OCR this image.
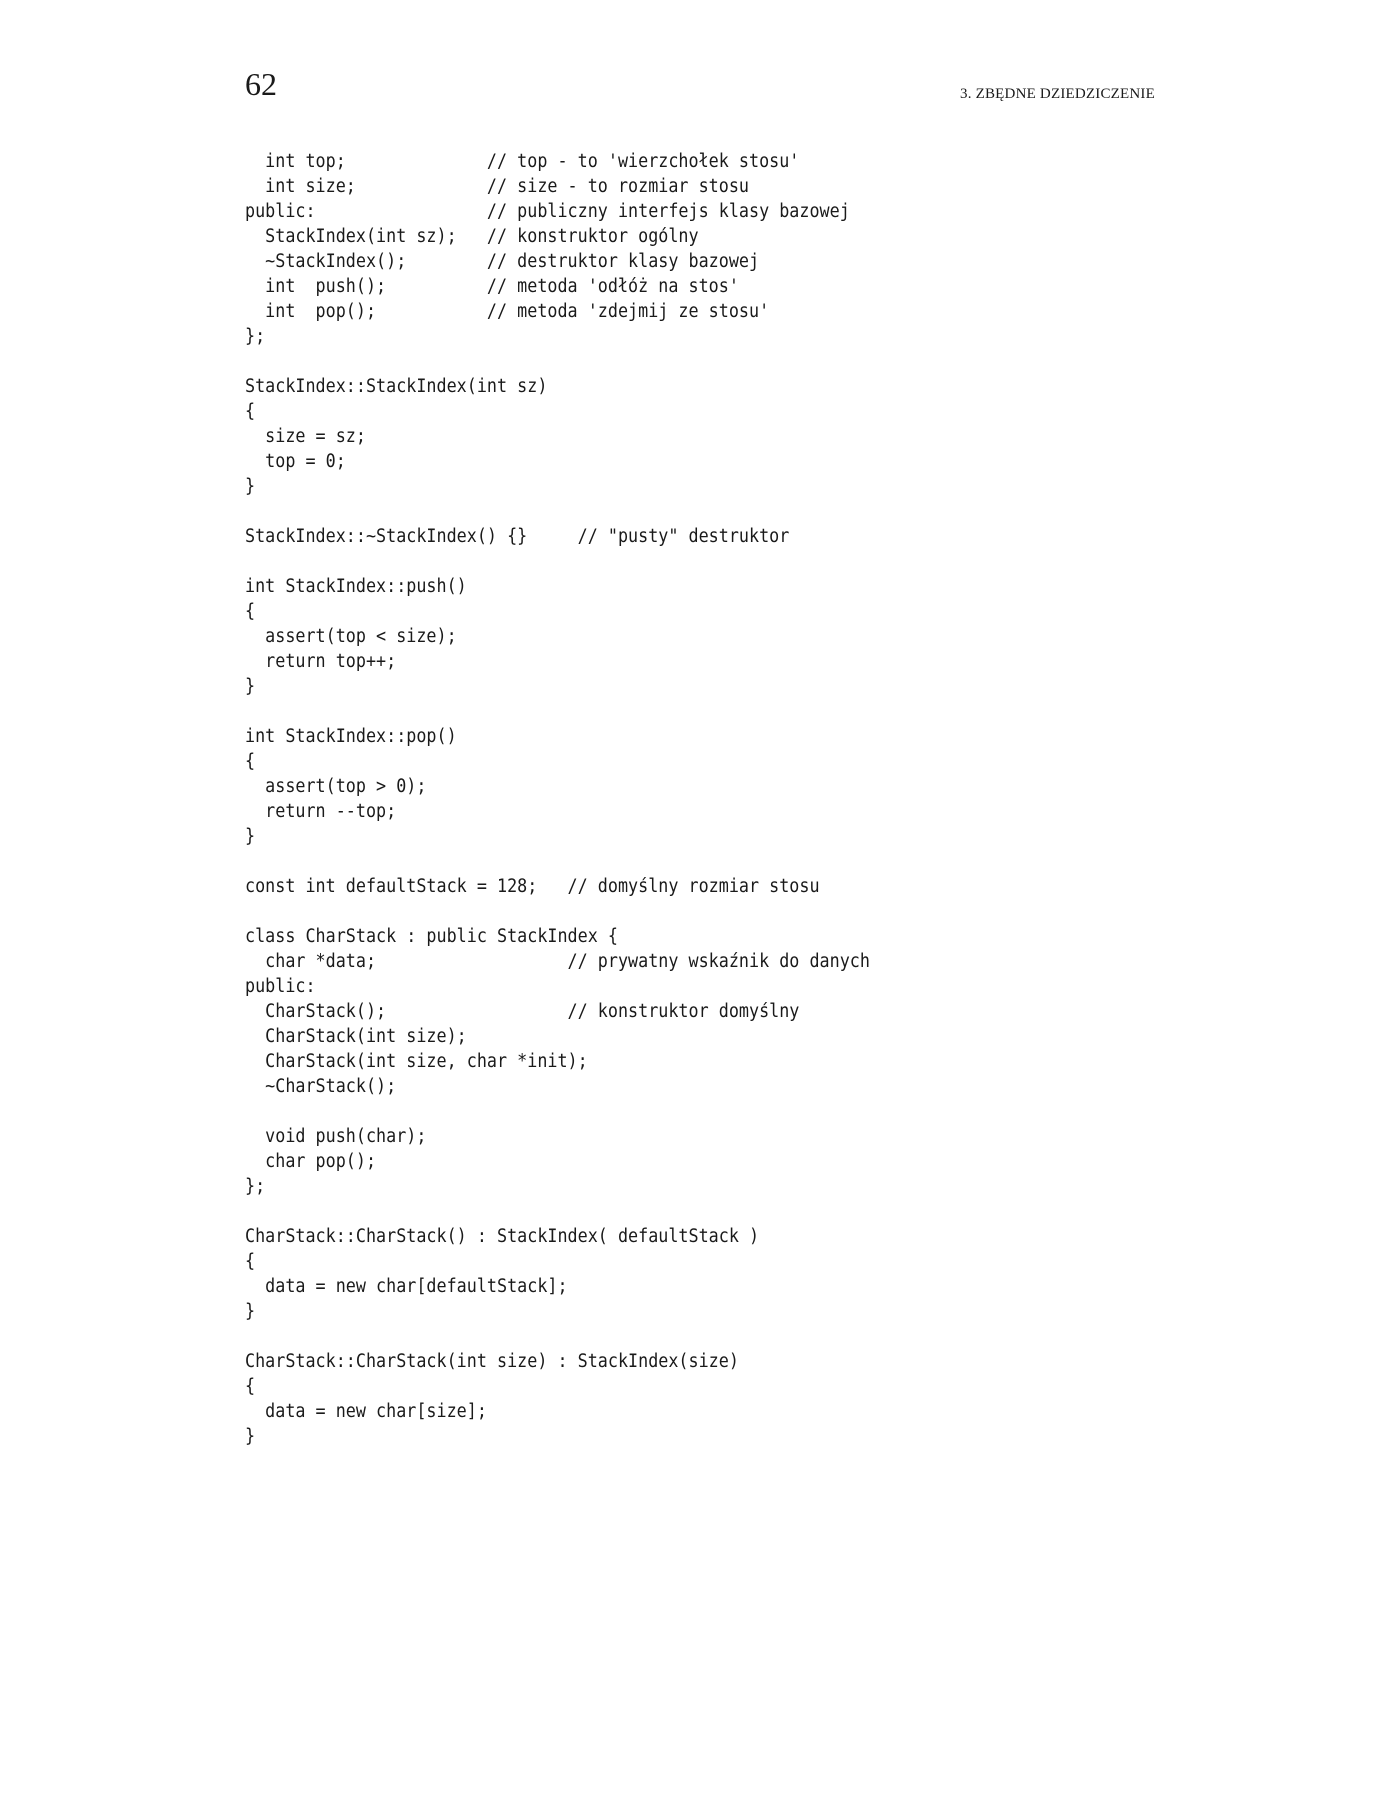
62	3. ZBĘDNE DZIEDZICZENIE
int top;              // top - to 'wierzchołek stosu'
int size;             // size - to rozmiar stosu
public:                 // publiczny interfejs klasy bazowej
StackIndex(int sz);   // konstruktor ogólny
~StackIndex();        // destruktor klasy bazowej
int  push();          // metoda 'odłóż na stos'
int  pop();           // metoda 'zdejmij ze stosu'
};
StackIndex::StackIndex(int sz)
{
size = sz;
top = 0;
}
StackIndex::~StackIndex() {}     // "pusty" destruktor
int StackIndex::push()
{
assert(top < size);
return top++;
}
int StackIndex::pop()
{
assert(top > 0);
return --top;
}
const int defaultStack = 128;   // domyślny rozmiar stosu
class CharStack : public StackIndex {
char *data;                   // prywatny wskaźnik do danych
public:
CharStack();                  // konstruktor domyślny
CharStack(int size);
CharStack(int size, char *init);
~CharStack();
void push(char);
char pop();
};
CharStack::CharStack() : StackIndex( defaultStack )
{
data = new char[defaultStack];
}
CharStack::CharStack(int size) : StackIndex(size)
{
data = new char[size];
}
